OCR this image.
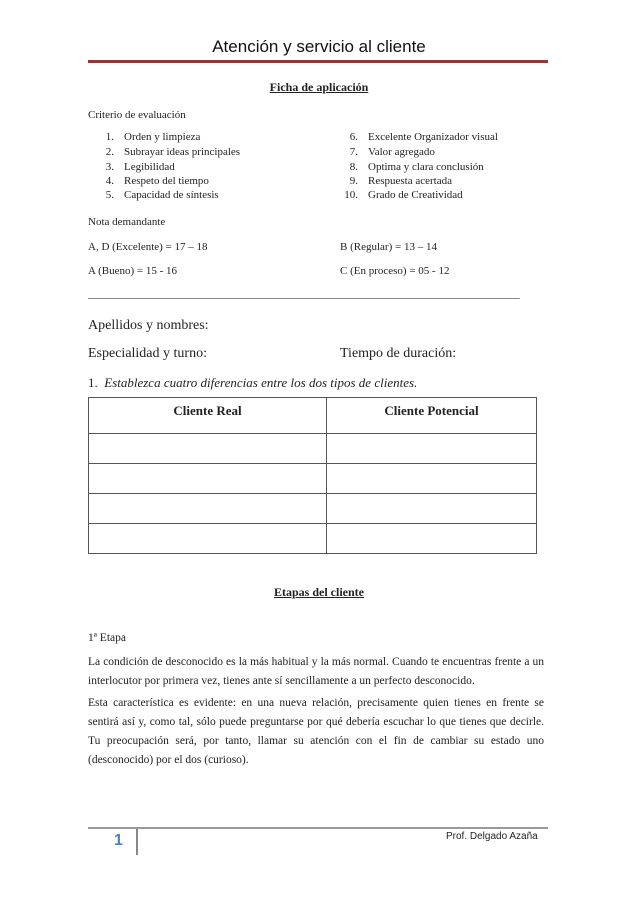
Atención y servicio al cliente
Ficha de aplicación
Criterio de evaluación
1. Orden y limpieza
2. Subrayar ideas principales
3. Legibilidad
4. Respeto del tiempo
5. Capacidad de síntesis
6. Excelente Organizador visual
7. Valor agregado
8. Optima y clara conclusión
9. Respuesta acertada
10. Grado de Creatividad
Nota demandante
A, D (Excelente) = 17 – 18	B (Regular) = 13 – 14
A (Bueno) = 15 - 16	C (En proceso) = 05 - 12
________________________________________________________________________________________
Apellidos y nombres:
Especialidad y turno:	Tiempo de duración:
1. Establezca cuatro diferencias entre los dos tipos de clientes.
Cliente Real	Cliente Potencial

Etapas del cliente
1ª Etapa
La condición de desconocido es la más habitual y la más normal. Cuando te encuentras frente a un interlocutor por primera vez, tienes ante sí sencillamente a un perfecto desconocido.
Esta característica es evidente: en una nueva relación, precisamente quien tienes en frente se sentirá así y, como tal, sólo puede preguntarse por qué debería escuchar lo que tienes que decirle. Tu preocupación será, por tanto, llamar su atención con el fin de cambiar su estado uno (desconocido) por el dos (curioso).
1	Prof. Delgado Azaña
